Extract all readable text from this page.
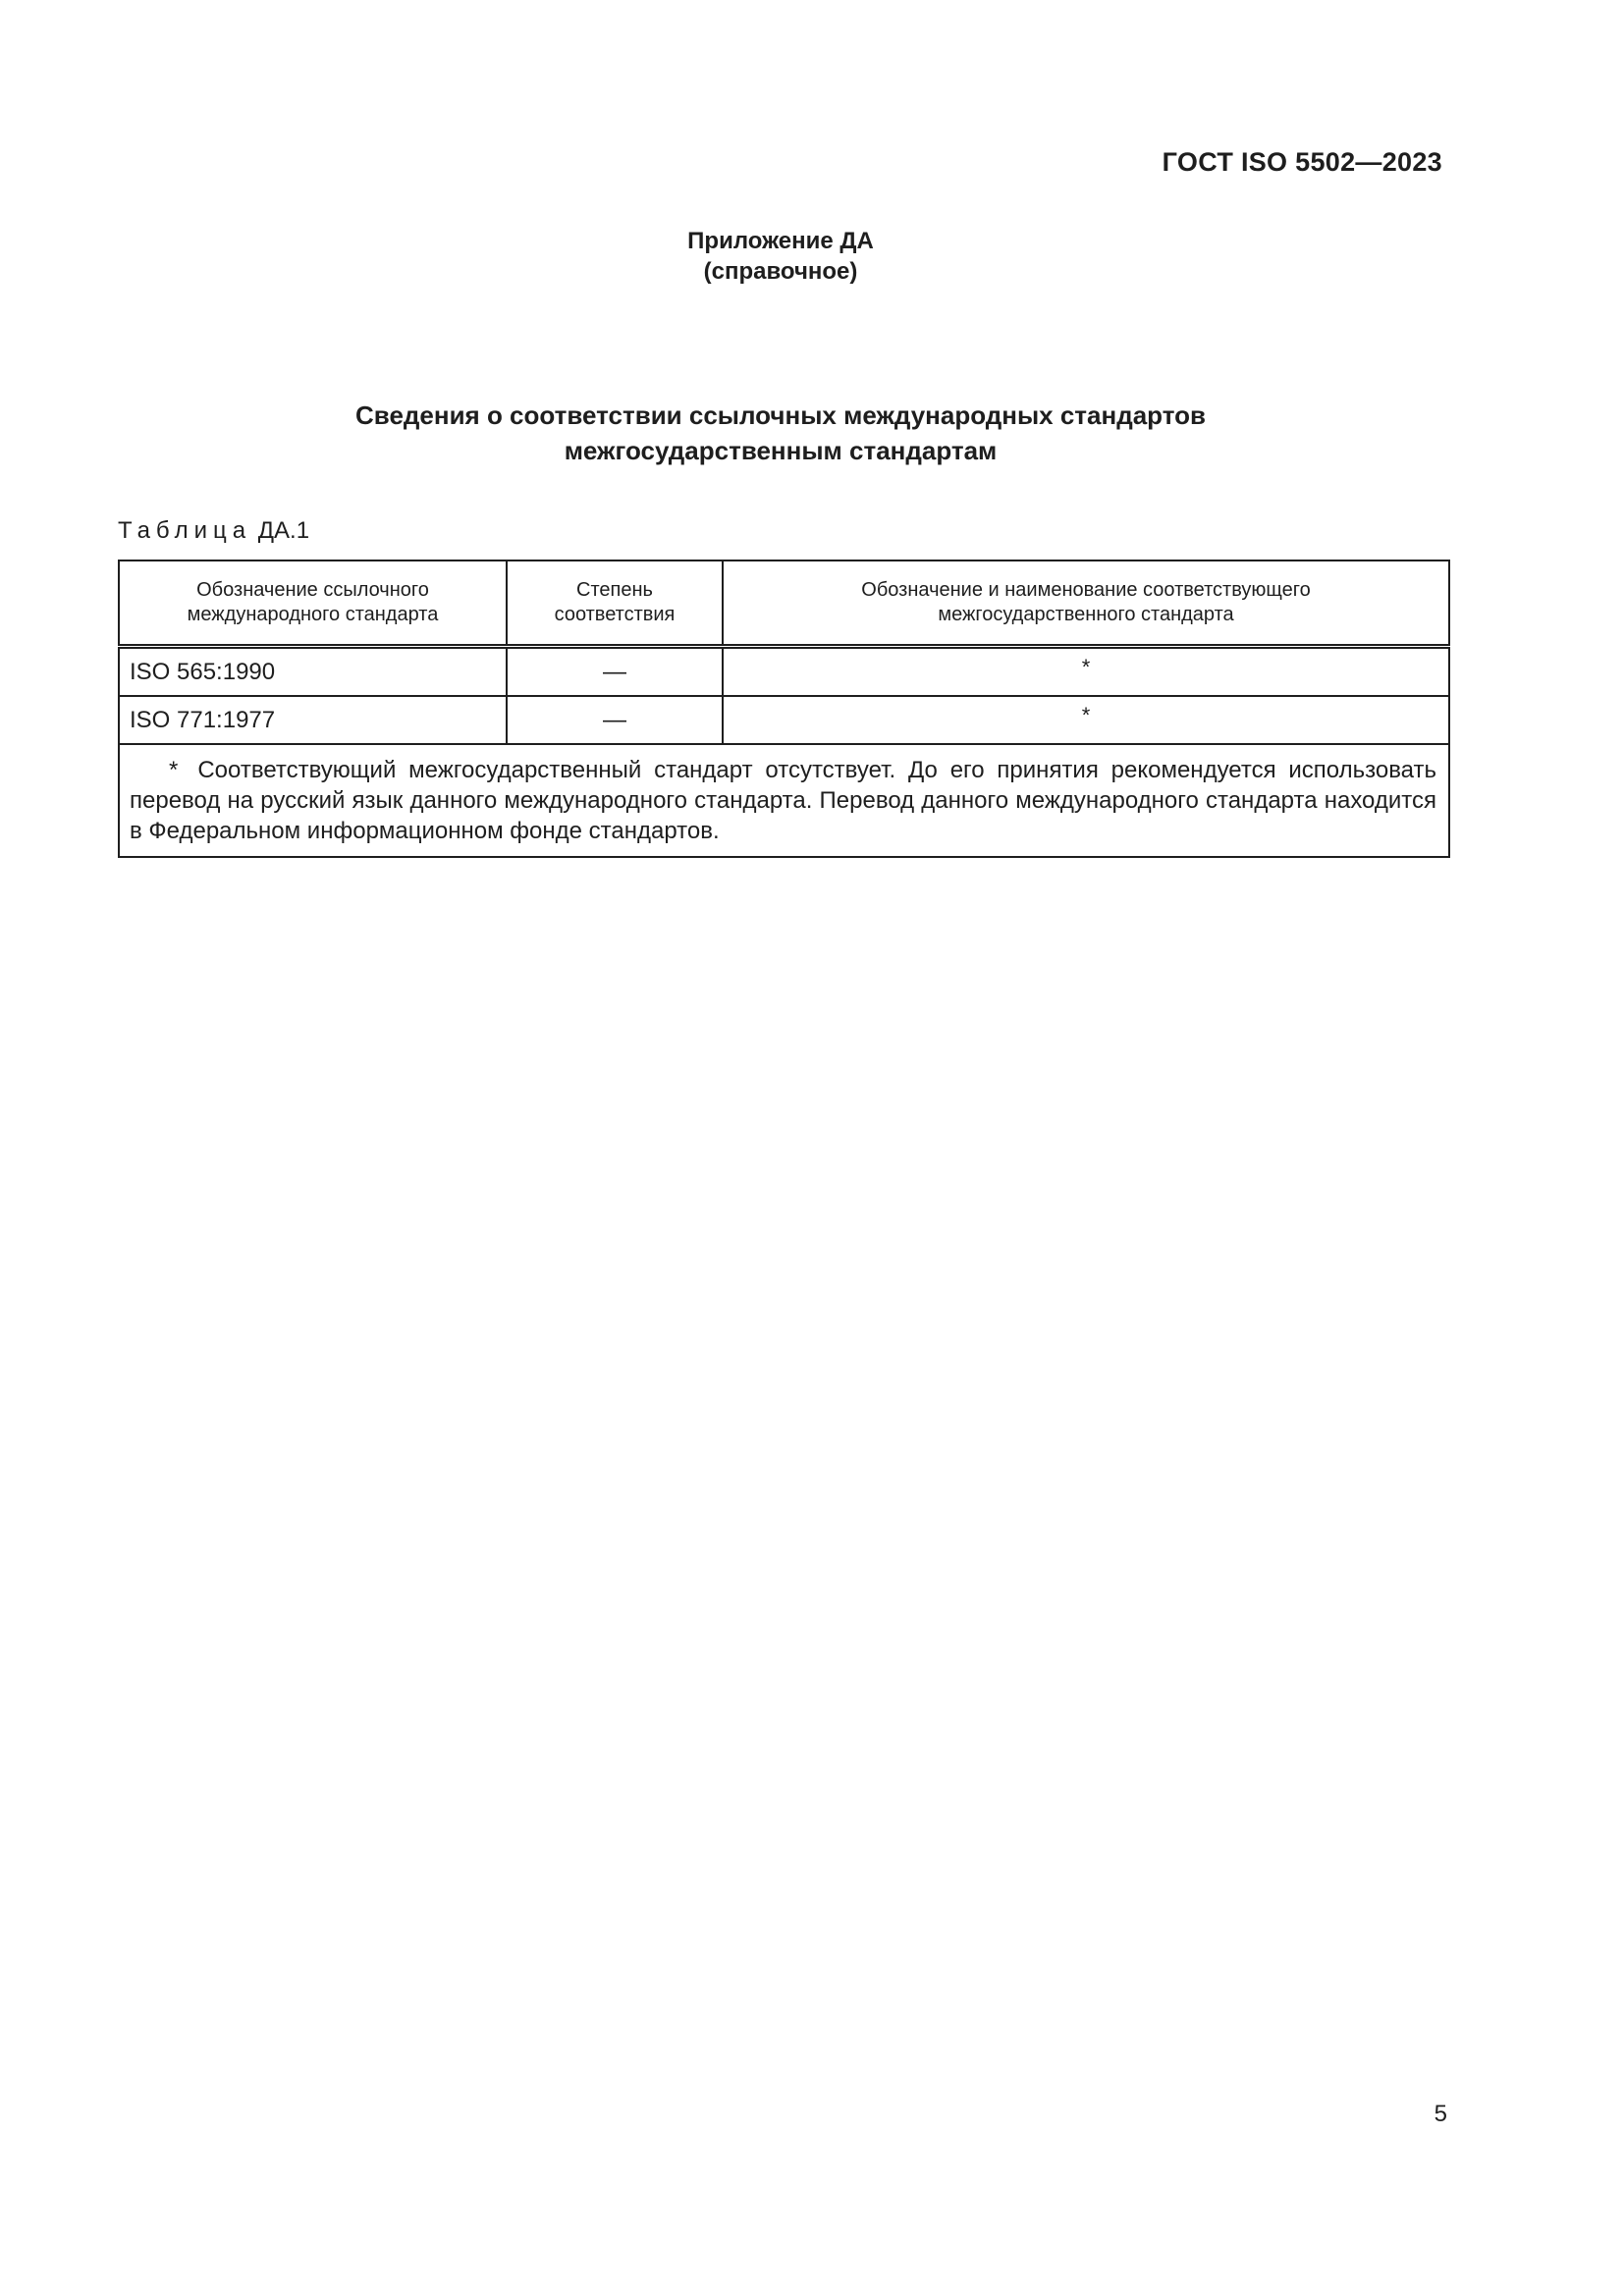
ГОСТ ISO 5502—2023
Приложение ДА
(справочное)
Сведения о соответствии ссылочных международных стандартов
межгосударственным стандартам
Таблица ДА.1
Обозначение ссылочного международного стандарта	Степень соответствия	Обозначение и наименование соответствующего межгосударственного стандарта

ISO 565:1990	—	*
ISO 771:1977	—	*
* Соответствующий межгосударственный стандарт отсутствует. До его принятия рекомендуется использовать перевод на русский язык данного международного стандарта. Перевод данного международного стандарта находится в Федеральном информационном фонде стандартов.		
5
